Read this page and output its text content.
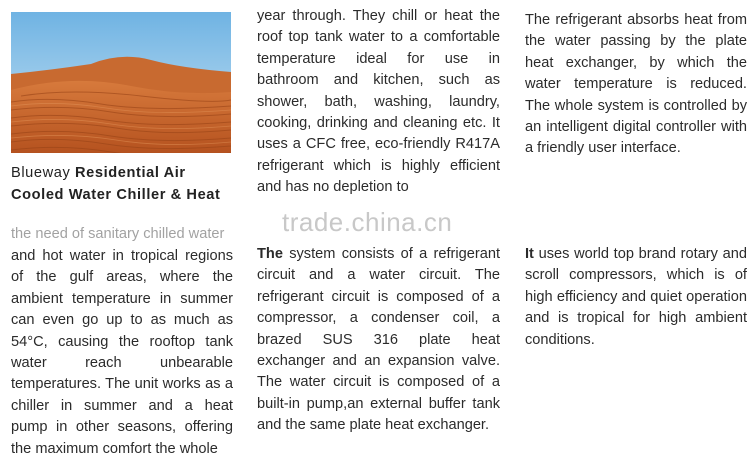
Blueway Residential Air Cooled Water Chiller & Heat
the need of sanitary chilled water

and hot water in tropical regions of the gulf areas, where the ambient temperature in summer can even go up to as much as 54°C, causing the rooftop tank water reach unbearable temperatures. The unit works as a chiller in summer and a heat pump in other seasons, offering the maximum comfort the whole

year through. They chill or heat the roof top tank water to a comfortable temperature ideal for use in bathroom and kitchen, such as shower, bath, washing, laundry, cooking, drinking and cleaning etc. It uses a CFC free, eco-friendly R417A refrigerant which is highly efficient and has no depletion to

The system consists of a refrigerant circuit and a water circuit. The refrigerant circuit is composed of a compressor, a condenser coil, a brazed SUS 316 plate heat exchanger and an expansion valve. The water circuit is composed of a built-in pump,an external buffer tank and the same plate heat exchanger.

The refrigerant absorbs heat from the water passing by the plate heat exchanger, by which the water temperature is reduced. The whole system is controlled by an intelligent digital controller with a friendly user interface.

It uses world top brand rotary and scroll compressors, which is of high efficiency and quiet operation and is tropical for high ambient conditions.

trade.china.cn
